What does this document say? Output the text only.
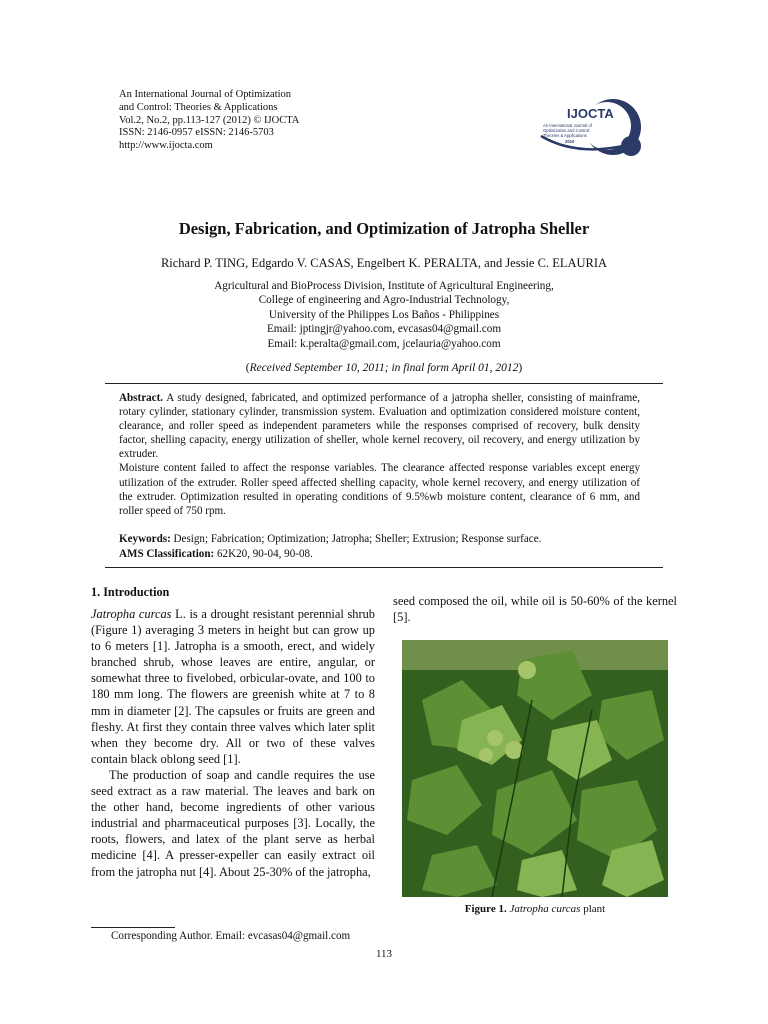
An International Journal of Optimization
and Control: Theories & Applications
Vol.2, No.2, pp.113-127 (2012) © IJOCTA
ISSN: 2146-0957 eISSN: 2146-5703
http://www.ijocta.com
IJOCTA
An International Journal of
Optimization and Control:
Theories & Applications
2010
Design, Fabrication, and Optimization of Jatropha Sheller
Richard P. TING, Edgardo V. CASAS, Engelbert K. PERALTA, and Jessie C. ELAURIA
Agricultural and BioProcess Division, Institute of Agricultural Engineering,
College of engineering and Agro-Industrial Technology,
University of the Philippes Los Baños - Philippines
Email: jptingjr@yahoo.com, evcasas04@gmail.com
Email: k.peralta@gmail.com, jcelauria@yahoo.com
(Received September 10, 2011; in final form April 01, 2012)

Abstract. A study designed, fabricated, and optimized performance of a jatropha sheller, consisting of mainframe, rotary cylinder, stationary cylinder, transmission system. Evaluation and optimization considered moisture content, clearance, and roller speed as independent parameters while the responses comprised of recovery, bulk density factor, shelling capacity, energy utilization of sheller, whole kernel recovery, oil recovery, and energy utilization by extruder.

Moisture content failed to affect the response variables. The clearance affected response variables except energy utilization of the extruder. Roller speed affected shelling capacity, whole kernel recovery, and energy utilization of the extruder. Optimization resulted in operating conditions of 9.5%wb moisture content, clearance of 6 mm, and roller speed of 750 rpm.

Keywords: Design; Fabrication; Optimization; Jatropha; Sheller; Extrusion; Response surface.
AMS Classification: 62K20, 90-04, 90-08.
1. Introduction

Jatropha curcas L. is a drought resistant perennial shrub (Figure 1) averaging 3 meters in height but can grow up to 6 meters [1]. Jatropha is a smooth, erect, and widely branched shrub, whose leaves are entire, angular, or somewhat three to fivelobed, orbicular-ovate, and 100 to 180 mm long. The flowers are greenish white at 7 to 8 mm in diameter [2]. The capsules or fruits are green and fleshy. At first they contain three valves which later split when they become dry. All or two of these valves contain black oblong seed [1].

The production of soap and candle requires the use seed extract as a raw material. The leaves and bark on the other hand, become ingredients of other various industrial and pharmaceutical purposes [3]. Locally, the roots, flowers, and latex of the plant serve as herbal medicine [4]. A presser-expeller can easily extract oil from the jatropha nut [4]. About 25-30% of the jatropha,

seed composed the oil, while oil is 50-60% of the kernel [5].

Figure 1. Jatropha curcas plant
Corresponding Author. Email: evcasas04@gmail.com
113
